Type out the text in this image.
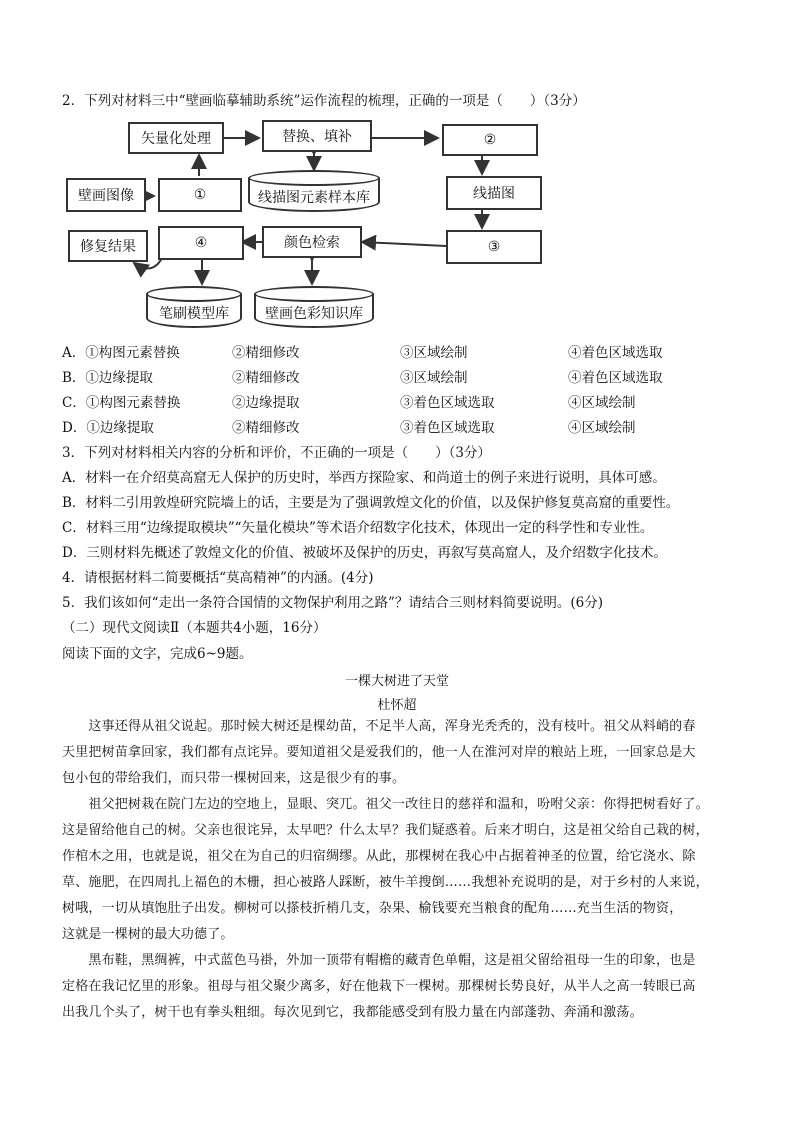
2．下列对材料三中“壁画临摹辅助系统”运作流程的梳理，正确的一项是（　　）（3分）
矢量化处理	替换、填补	②
壁画图像	①	线描图元素样本库	线描图
修复结果	④	颜色检索	③
笔刷模型库	壁画色彩知识库
A．①构图元素替换	②精细修改	③区域绘制	④着色区域选取
B．①边缘提取	②精细修改	③区域绘制	④着色区域选取
C．①构图元素替换	②边缘提取	③着色区域选取	④区域绘制
D．①边缘提取	②精细修改	③着色区域选取	④区域绘制
3．下列对材料相关内容的分析和评价，不正确的一项是（　　）（3分）
A．材料一在介绍莫高窟无人保护的历史时，举西方探险家、和尚道士的例子来进行说明，具体可感。
B．材料二引用敦煌研究院墙上的话，主要是为了强调敦煌文化的价值，以及保护修复莫高窟的重要性。
C．材料三用“边缘提取模块”“矢量化模块”等术语介绍数字化技术，体现出一定的科学性和专业性。
D．三则材料先概述了敦煌文化的价值、被破坏及保护的历史，再叙写莫高窟人，及介绍数字化技术。
4．请根据材料二简要概括“莫高精神”的内涵。(4分)
5．我们该如何“走出一条符合国情的文物保护利用之路”？请结合三则材料简要说明。(6分)
（二）现代文阅读Ⅱ（本题共4小题，16分）
阅读下面的文字，完成6~9题。
一棵大树进了天堂
杜怀超
　　这事还得从祖父说起。那时候大树还是棵幼苗，不足半人高，浑身光秃秃的，没有枝叶。祖父从料峭的春
天里把树苗拿回家，我们都有点诧异。要知道祖父是爱我们的，他一人在淮河对岸的粮站上班，一回家总是大
包小包的带给我们，而只带一棵树回来，这是很少有的事。
　　祖父把树栽在院门左边的空地上，显眼、突兀。祖父一改往日的慈祥和温和，吩咐父亲：你得把树看好了。
这是留给他自己的树。父亲也很诧异，太早吧？什么太早？我们疑惑着。后来才明白，这是祖父给自己栽的树，
作棺木之用，也就是说，祖父在为自己的归宿绸缪。从此，那棵树在我心中占据着神圣的位置，给它浇水、除
草、施肥，在四周扎上福色的木栅，担心被路人踩断，被牛羊搜倒……我想补充说明的是，对于乡村的人来说，
树哦，一切从填饱肚子出发。柳树可以搽枝折梢几支，杂果、榆钱要充当粮食的配角……充当生活的物资，
这就是一棵树的最大功德了。
　　黑布鞋，黑绸裤，中式蓝色马褂，外加一顶带有帽檐的藏青色单帽，这是祖父留给祖母一生的印象，也是
定格在我记忆里的形象。祖母与祖父聚少离多，好在他栽下一棵树。那棵树长势良好，从半人之高一转眼已高
出我几个头了，树干也有拳头粗细。每次见到它，我都能感受到有股力量在内部蓬勃、奔涌和激荡。
